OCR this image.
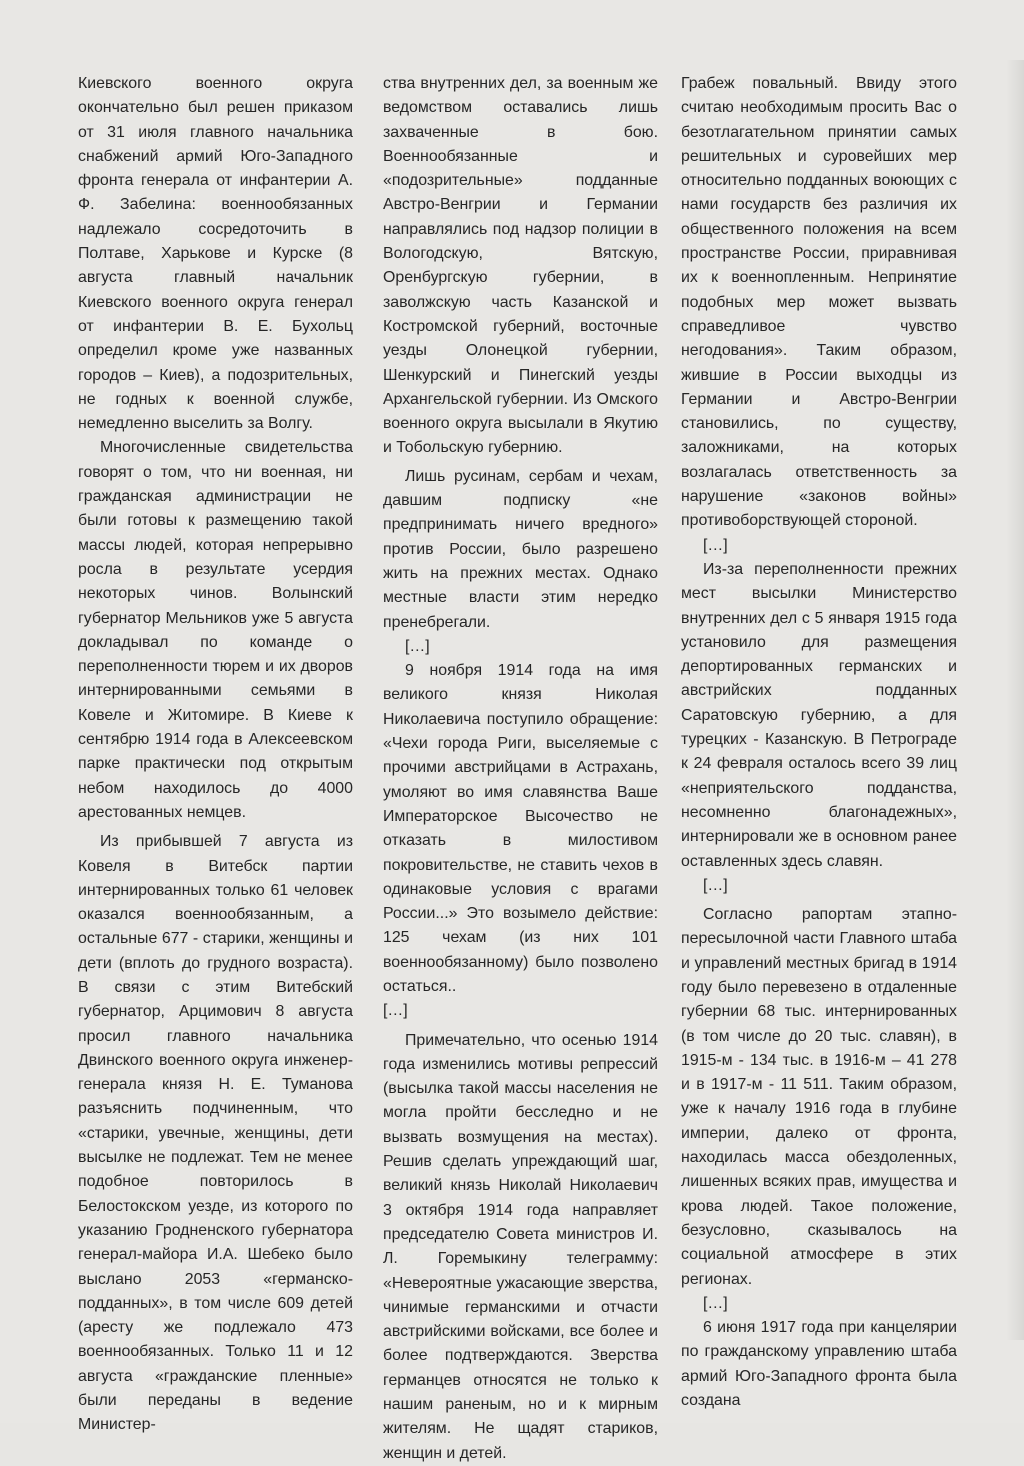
Киевского военного округа окончательно был решен приказом от 31 июля главного начальника снабжений армий Юго-Западного фронта генерала от инфантерии А. Ф. Забелина: военнообязанных надлежало сосредоточить в Полтаве, Харькове и Курске (8 августа главный начальник Киевского военного округа генерал от инфантерии В. Е. Бухольц определил кроме уже названных городов – Киев), а подозрительных, не годных к военной службе, немедленно выселить за Волгу.

Многочисленные свидетельства говорят о том, что ни военная, ни гражданская администрации не были готовы к размещению такой массы людей, которая непрерывно росла в результате усердия некоторых чинов. Волынский губернатор Мельников уже 5 августа докладывал по команде о переполненности тюрем и их дворов интернированными семьями в Ковеле и Житомире. В Киеве к сентябрю 1914 года в Алексеевском парке практически под открытым небом находилось до 4000 арестованных немцев.

Из прибывшей 7 августа из Ковеля в Витебск партии интернированных только 61 человек оказался военнообязанным, а остальные 677 - старики, женщины и дети (вплоть до грудного возраста). В связи с этим Витебский губернатор, Арцимович 8 августа просил главного начальника Двинского военного округа инженер-генерала князя Н. Е. Туманова разъяснить подчиненным, что «старики, увечные, женщины, дети высылке не подлежат. Тем не менее подобное повторилось в Белостокском уезде, из которого по указанию Гродненского губернатора генерал-майора И.А. Шебеко было выслано 2053 «германско-подданных», в том числе 609 детей (аресту же подлежало 473 военнообязанных. Только 11 и 12 августа «гражданские пленные» были переданы в ведение Министер-

ства внутренних дел, за военным же ведомством оставались лишь захваченные в бою. Военнообязанные и «подозрительные» подданные Австро-Венгрии и Германии направлялись под надзор полиции в Вологодскую, Вятскую, Оренбургскую губернии, в заволжскую часть Казанской и Костромской губерний, восточные уезды Олонецкой губернии, Шенкурский и Пинегский уезды Архангельской губернии. Из Омского военного округа высылали в Якутию и Тобольскую губернию.

Лишь русинам, сербам и чехам, давшим подписку «не предпринимать ничего вредного» против России, было разрешено жить на прежних местах. Однако местные власти этим нередко пренебрегали.

[…]

9 ноября 1914 года на имя великого князя Николая Николаевича поступило обращение: «Чехи города Риги, выселяемые с прочими австрийцами в Астрахань, умоляют во имя славянства Ваше Императорское Высочество не отказать в милостивом покровительстве, не ставить чехов в одинаковые условия с врагами России...» Это возымело действие: 125 чехам (из них 101 военнообязанному) было позволено остаться..

[…]

Примечательно, что осенью 1914 года изменились мотивы репрессий (высылка такой массы населения не могла пройти бесследно и не вызвать возмущения на местах). Решив сделать упреждающий шаг, великий князь Николай Николаевич 3 октября 1914 года направляет председателю Совета министров И. Л. Горемыкину телеграмму: «Невероятные ужасающие зверства, чинимые германскими и отчасти австрийскими войсками, все более и более подтверждаются. Зверства германцев относятся не только к нашим раненым, но и к мирным жителям. Не щадят стариков, женщин и детей.

Грабеж повальный. Ввиду этого считаю необходимым просить Вас о безотлагательном принятии самых решительных и суровейших мер относительно подданных воюющих с нами государств без различия их общественного положения на всем пространстве России, приравнивая их к военнопленным. Непринятие подобных мер может вызвать справедливое чувство негодования». Таким образом, жившие в России выходцы из Германии и Австро-Венгрии становились, по существу, заложниками, на которых возлагалась ответственность за нарушение «законов войны» противоборствующей стороной.

[…]

Из-за переполненности прежних мест высылки Министерство внутренних дел с 5 января 1915 года установило для размещения депортированных германских и австрийских подданных Саратовскую губернию, а для турецких - Казанскую. В Петрограде к 24 февраля осталось всего 39 лиц «неприятельского подданства, несомненно благонадежных», интернировали же в основном ранее оставленных здесь славян.

[…]

Согласно рапортам этапно-пересылочной части Главного штаба и управлений местных бригад в 1914 году было перевезено в отдаленные губернии 68 тыс. интернированных (в том числе до 20 тыс. славян), в 1915-м - 134 тыс. в 1916-м – 41 278 и в 1917-м - 11 511. Таким образом, уже к началу 1916 года в глубине империи, далеко от фронта, находилась масса обездоленных, лишенных всяких прав, имущества и крова людей. Такое положение, безусловно, сказывалось на социальной атмосфере в этих регионах.

[…]

6 июня 1917 года при канцелярии по гражданскому управлению штаба армий Юго-Западного фронта была создана
